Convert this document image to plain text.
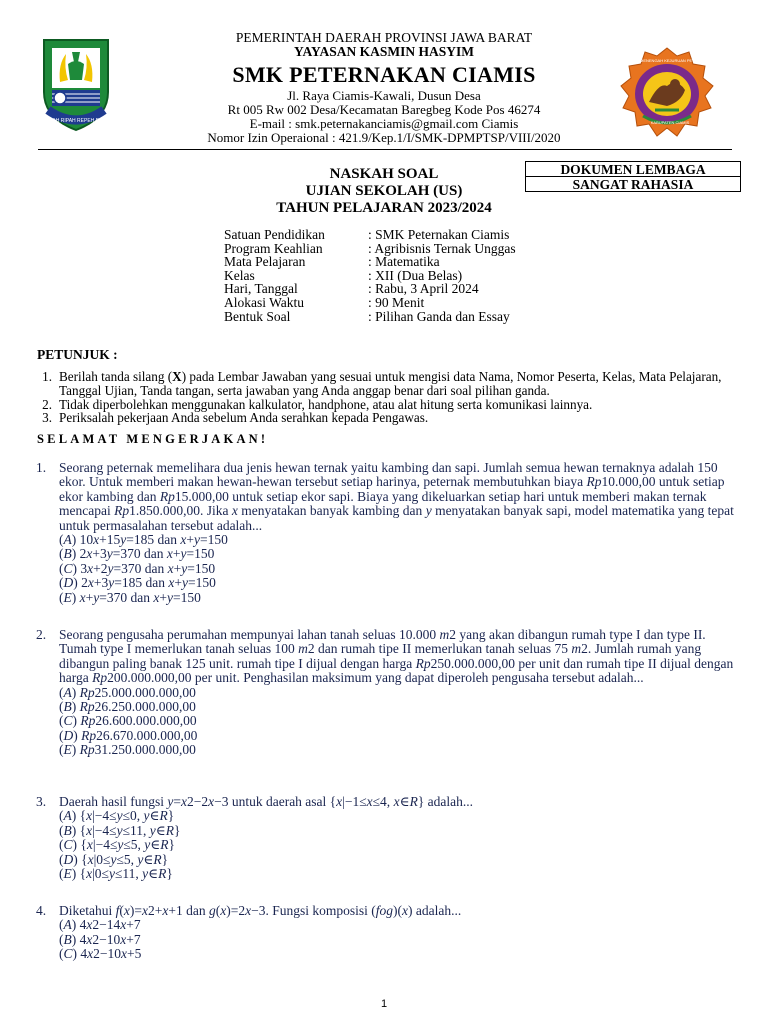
GEMAH RIPAH REPEH RAPIH
SEKOLAH MENENGAH KEJURUAN PETERNAKAN
KABUPATEN CIAMIS
PEMERINTAH DAERAH PROVINSI JAWA BARAT
YAYASAN KASMIN HASYIM
SMK PETERNAKAN CIAMIS
Jl. Raya Ciamis-Kawali, Dusun Desa
Rt 005 Rw 002 Desa/Kecamatan Baregbeg Kode Pos 46274
E-mail : smk.peternakanciamis@gmail.com Ciamis
Nomor Izin Operaional : 421.9/Kep.1/I/SMK-DPMPTSP/VIII/2020
NASKAH SOAL
UJIAN SEKOLAH (US)
TAHUN PELAJARAN 2023/2024
DOKUMEN LEMBAGA
SANGAT RAHASIA
Satuan Pendidikan	: SMK Peternakan Ciamis
Program Keahlian	: Agribisnis Ternak Unggas
Mata Pelajaran	: Matematika
Kelas	: XII (Dua Belas)
Hari, Tanggal	: Rabu, 3 April 2024
Alokasi Waktu	: 90 Menit
Bentuk Soal	: Pilihan Ganda dan Essay
PETUNJUK :
1. Berilah tanda silang (X) pada Lembar Jawaban yang sesuai untuk mengisi data Nama, Nomor Peserta, Kelas, Mata Pelajaran, Tanggal Ujian, Tanda tangan, serta jawaban yang Anda anggap benar dari soal pilihan ganda.
2. Tidak diperbolehkan menggunakan kalkulator, handphone, atau alat hitung serta komunikasi lainnya.
3. Periksalah pekerjaan Anda sebelum Anda serahkan kepada Pengawas.
SELAMAT MENGERJAKAN!
1. Seorang peternak memelihara dua jenis hewan ternak yaitu kambing dan sapi. Jumlah semua hewan ternaknya adalah 150 ekor. Untuk memberi makan hewan-hewan tersebut setiap harinya, peternak membutuhkan biaya Rp10.000,00 untuk setiap ekor kambing dan Rp15.000,00 untuk setiap ekor sapi. Biaya yang dikeluarkan setiap hari untuk memberi makan ternak mencapai Rp1.850.000,00. Jika x menyatakan banyak kambing dan y menyatakan banyak sapi, model matematika yang tepat untuk permasalahan tersebut adalah...
(A) 10x+15y=185 dan x+y=150
(B) 2x+3y=370 dan x+y=150
(C) 3x+2y=370 dan x+y=150
(D) 2x+3y=185 dan x+y=150
(E) x+y=370 dan x+y=150
2. Seorang pengusaha perumahan mempunyai lahan tanah seluas 10.000 m2 yang akan dibangun rumah type I dan type II. Tumah type I memerlukan tanah seluas 100 m2 dan rumah tipe II memerlukan tanah seluas 75 m2. Jumlah rumah yang dibangun paling banak 125 unit. rumah tipe I dijual dengan harga Rp250.000.000,00 per unit dan rumah tipe II dijual dengan harga Rp200.000.000,00 per unit. Penghasilan maksimum yang dapat diperoleh pengusaha tersebut adalah...
(A) Rp25.000.000.000,00
(B) Rp26.250.000.000,00
(C) Rp26.600.000.000,00
(D) Rp26.670.000.000,00
(E) Rp31.250.000.000,00
3. Daerah hasil fungsi y=x2−2x−3 untuk daerah asal {x|−1≤x≤4, x∈R} adalah...
(A) {x|−4≤y≤0, y∈R}
(B) {x|−4≤y≤11, y∈R}
(C) {x|−4≤y≤5, y∈R}
(D) {x|0≤y≤5, y∈R}
(E) {x|0≤y≤11, y∈R}
4. Diketahui f(x)=x2+x+1 dan g(x)=2x−3. Fungsi komposisi (fog)(x) adalah...
(A) 4x2−14x+7
(B) 4x2−10x+7
(C) 4x2−10x+5
1
